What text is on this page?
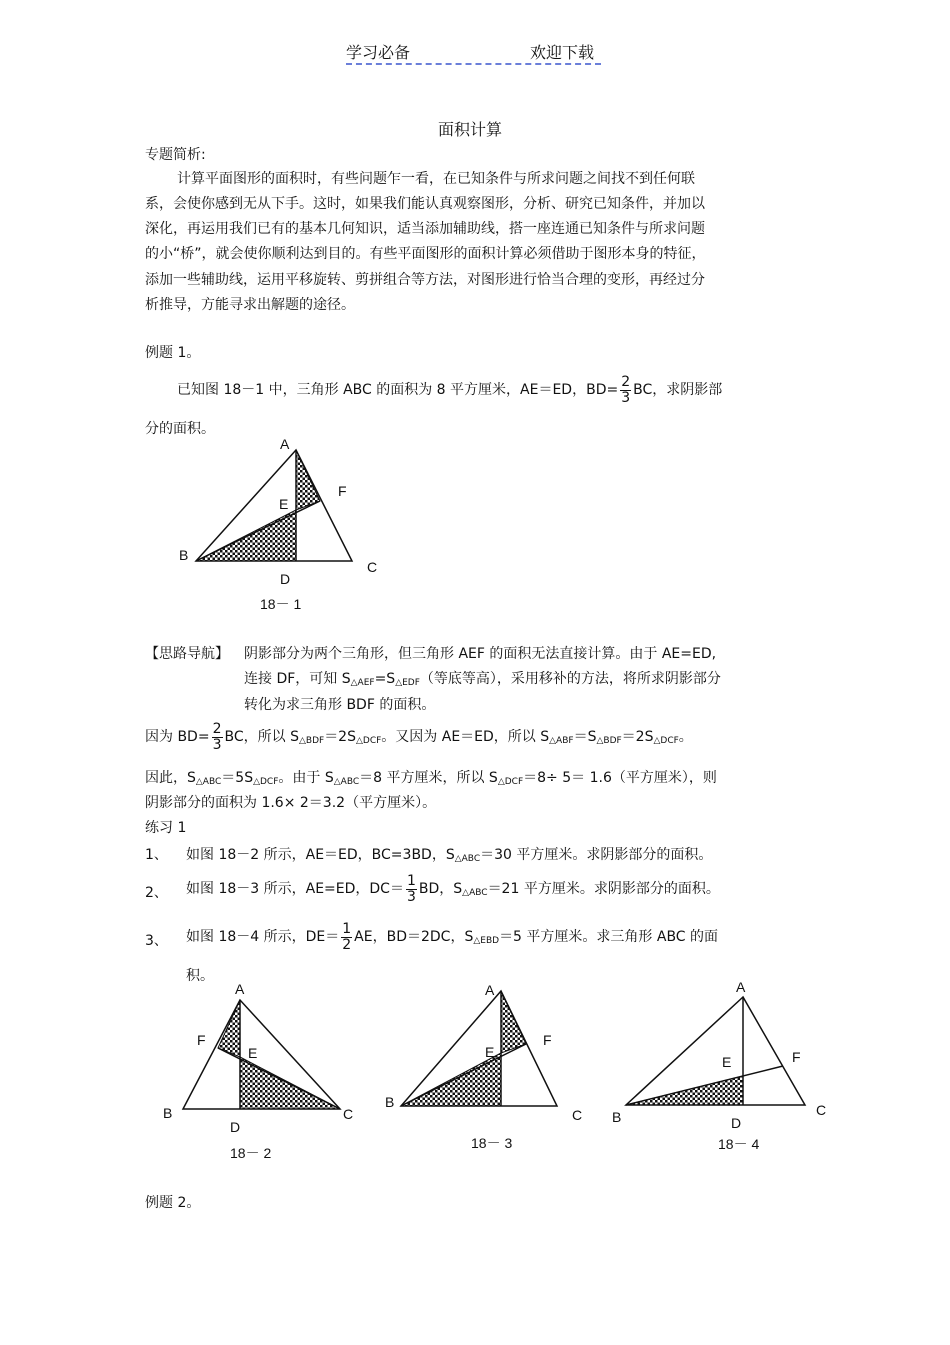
学习必备	欢迎下载
面积计算
专题简析:
计算平面图形的面积时，有些问题乍一看，在已知条件与所求问题之间找不到任何联
系，会使你感到无从下手。这时，如果我们能认真观察图形，分析、研究已知条件，并加以
深化，再运用我们已有的基本几何知识，适当添加辅助线，搭一座连通已知条件与所求问题
的小“桥”，就会使你顺利达到目的。有些平面图形的面积计算必须借助于图形本身的特征，
添加一些辅助线，运用平移旋转、剪拼组合等方法，对图形进行恰当合理的变形，再经过分
析推导，方能寻求出解题的途径。
例题 1。
已知图 18－1 中，三角形 ABC 的面积为 8 平方厘米，AE＝ED，$BD= \frac{2}{3}$ BC，求阴影部
分的面积。
A
B
C
D
E
F
18－ 1
【思路导航】 阴影部分为两个三角形，但三角形 AEF 的面积无法直接计算。由于 AE=ED,
连接 DF，可知 $S_{\triangle AEF}=S_{\triangle EDF}$（等底等高），采用移补的方法，将所求阴影部分
转化为求三角形 BDF 的面积。
因为 $BD= \frac{2}{3}$ BC，所以 $S_{\triangle BDF}=2S_{\triangle DCF}$。又因为 AE＝ED，所以 $S_{\triangle ABF}=S_{\triangle BDF}=2S_{\triangle DCF}$。
因此，$S_{\triangle ABC}=5S_{\triangle DCF}$。由于 $S_{\triangle ABC}=8$ 平方厘米，所以 $S_{\triangle DCF}=8\div 5= 1.6$（平方厘米），则
阴影部分的面积为 1.6× 2＝3.2（平方厘米）。
练习 1
1、 如图 18－2 所示，AE＝ED，BC=3BD，$S_{\triangle ABC}=30$ 平方厘米。求阴影部分的面积。
2、 如图 18－3 所示，AE=ED，$DC= \frac{1}{3}$ BD，$S_{\triangle ABC}=21$ 平方厘米。求阴影部分的面积。
3、 如图 18－4 所示，$DE= \frac{1}{2}$ AE，BD＝2DC，$S_{\triangle EBD}=5$ 平方厘米。求三角形 ABC 的面
积。
A
B	C
D
E
F
18－ 2
A
B
C
E
F
18－ 3
A
B	C
D
E	F
18－ 4
例题 2。
